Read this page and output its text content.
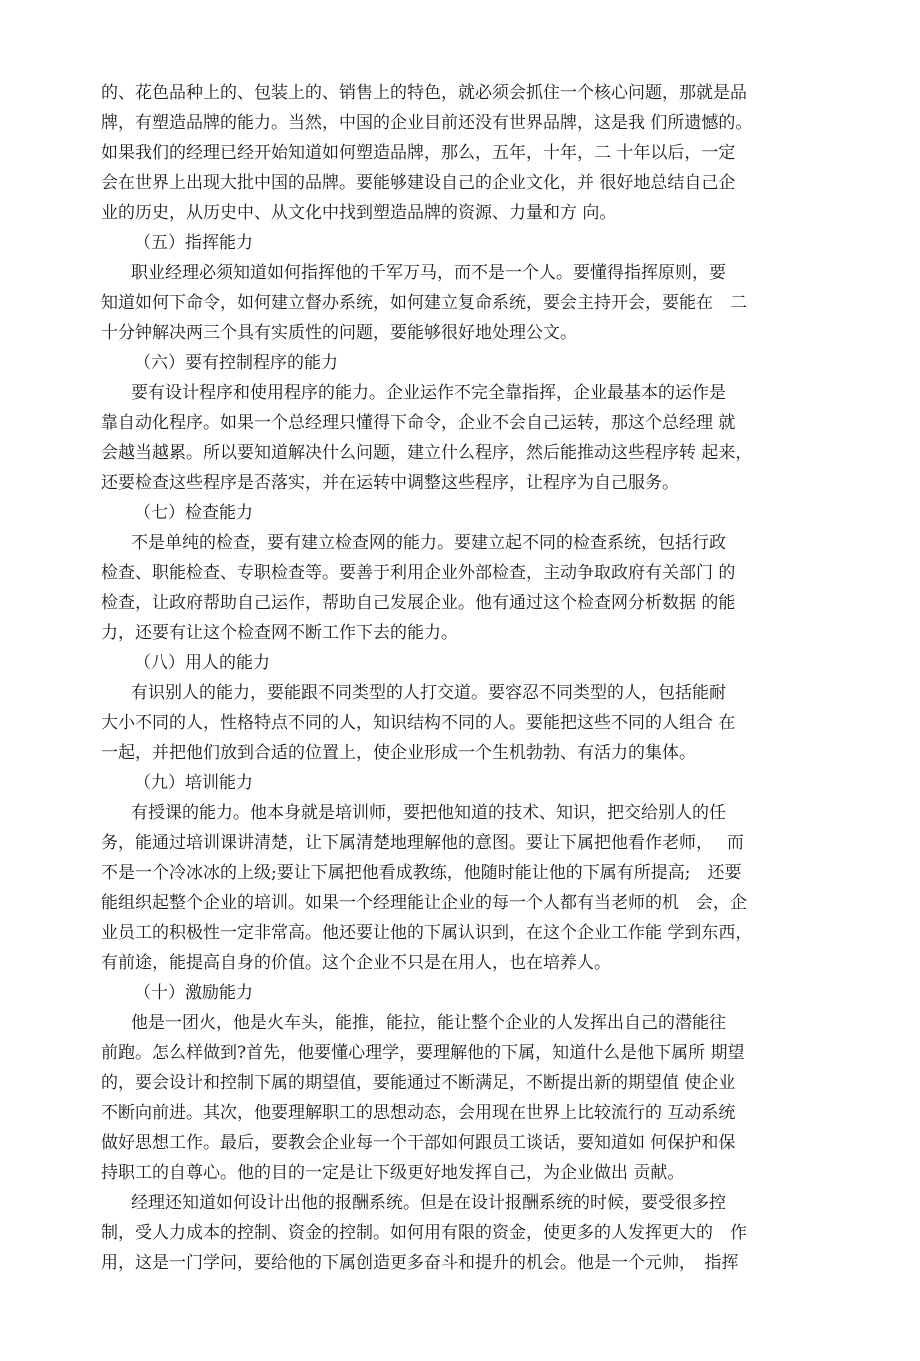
的、花色品种上的、包装上的、销售上的特色，就必须会抓住一个核心问题，那就是品
牌，有塑造品牌的能力。当然，中国的企业目前还没有世界品牌，这是我 们所遗憾的。
如果我们的经理已经开始知道如何塑造品牌，那么，五年，十年，二 十年以后，一定
会在世界上出现大批中国的品牌。要能够建设自己的企业文化，并 很好地总结自己企
业的历史，从历史中、从文化中找到塑造品牌的资源、力量和方 向。
（五）指挥能力
职业经理必须知道如何指挥他的千军万马，而不是一个人。要懂得指挥原则，要
知道如何下命令，如何建立督办系统，如何建立复命系统，要会主持开会，要能在　二
十分钟解决两三个具有实质性的问题，要能够很好地处理公文。
（六）要有控制程序的能力
要有设计程序和使用程序的能力。企业运作不完全靠指挥，企业最基本的运作是
靠自动化程序。如果一个总经理只懂得下命令，企业不会自己运转，那这个总经理 就
会越当越累。所以要知道解决什么问题，建立什么程序，然后能推动这些程序转 起来，
还要检查这些程序是否落实，并在运转中调整这些程序，让程序为自己服务。
（七）检查能力
不是单纯的检查，要有建立检查网的能力。要建立起不同的检查系统，包括行政
检查、职能检查、专职检查等。要善于利用企业外部检查，主动争取政府有关部门 的
检查，让政府帮助自己运作，帮助自己发展企业。他有通过这个检查网分析数据 的能
力，还要有让这个检查网不断工作下去的能力。
（八）用人的能力
有识别人的能力，要能跟不同类型的人打交道。要容忍不同类型的人，包括能耐
大小不同的人，性格特点不同的人，知识结构不同的人。要能把这些不同的人组合 在
一起，并把他们放到合适的位置上，使企业形成一个生机勃勃、有活力的集体。
（九）培训能力
有授课的能力。他本身就是培训师，要把他知道的技术、知识，把交给别人的任
务，能通过培训课讲清楚，让下属清楚地理解他的意图。要让下属把他看作老师，　 而
不是一个冷冰冰的上级;要让下属把他看成教练，他随时能让他的下属有所提高;　还要
能组织起整个企业的培训。如果一个经理能让企业的每一个人都有当老师的机　会，企
业员工的积极性一定非常高。他还要让他的下属认识到，在这个企业工作能 学到东西，
有前途，能提高自身的价值。这个企业不只是在用人，也在培养人。
（十）激励能力
他是一团火，他是火车头，能推，能拉，能让整个企业的人发挥出自己的潜能往
前跑。怎么样做到?首先，他要懂心理学，要理解他的下属，知道什么是他下属所 期望
的，要会设计和控制下属的期望值，要能通过不断满足，不断提出新的期望值 使企业
不断向前进。其次，他要理解职工的思想动态，会用现在世界上比较流行的 互动系统
做好思想工作。最后，要教会企业每一个干部如何跟员工谈话，要知道如 何保护和保
持职工的自尊心。他的目的一定是让下级更好地发挥自己，为企业做出 贡献。
经理还知道如何设计出他的报酬系统。但是在设计报酬系统的时候，要受很多控
制，受人力成本的控制、资金的控制。如何用有限的资金，使更多的人发挥更大的　作
用，这是一门学问，要给他的下属创造更多奋斗和提升的机会。他是一个元帅，　指挥
